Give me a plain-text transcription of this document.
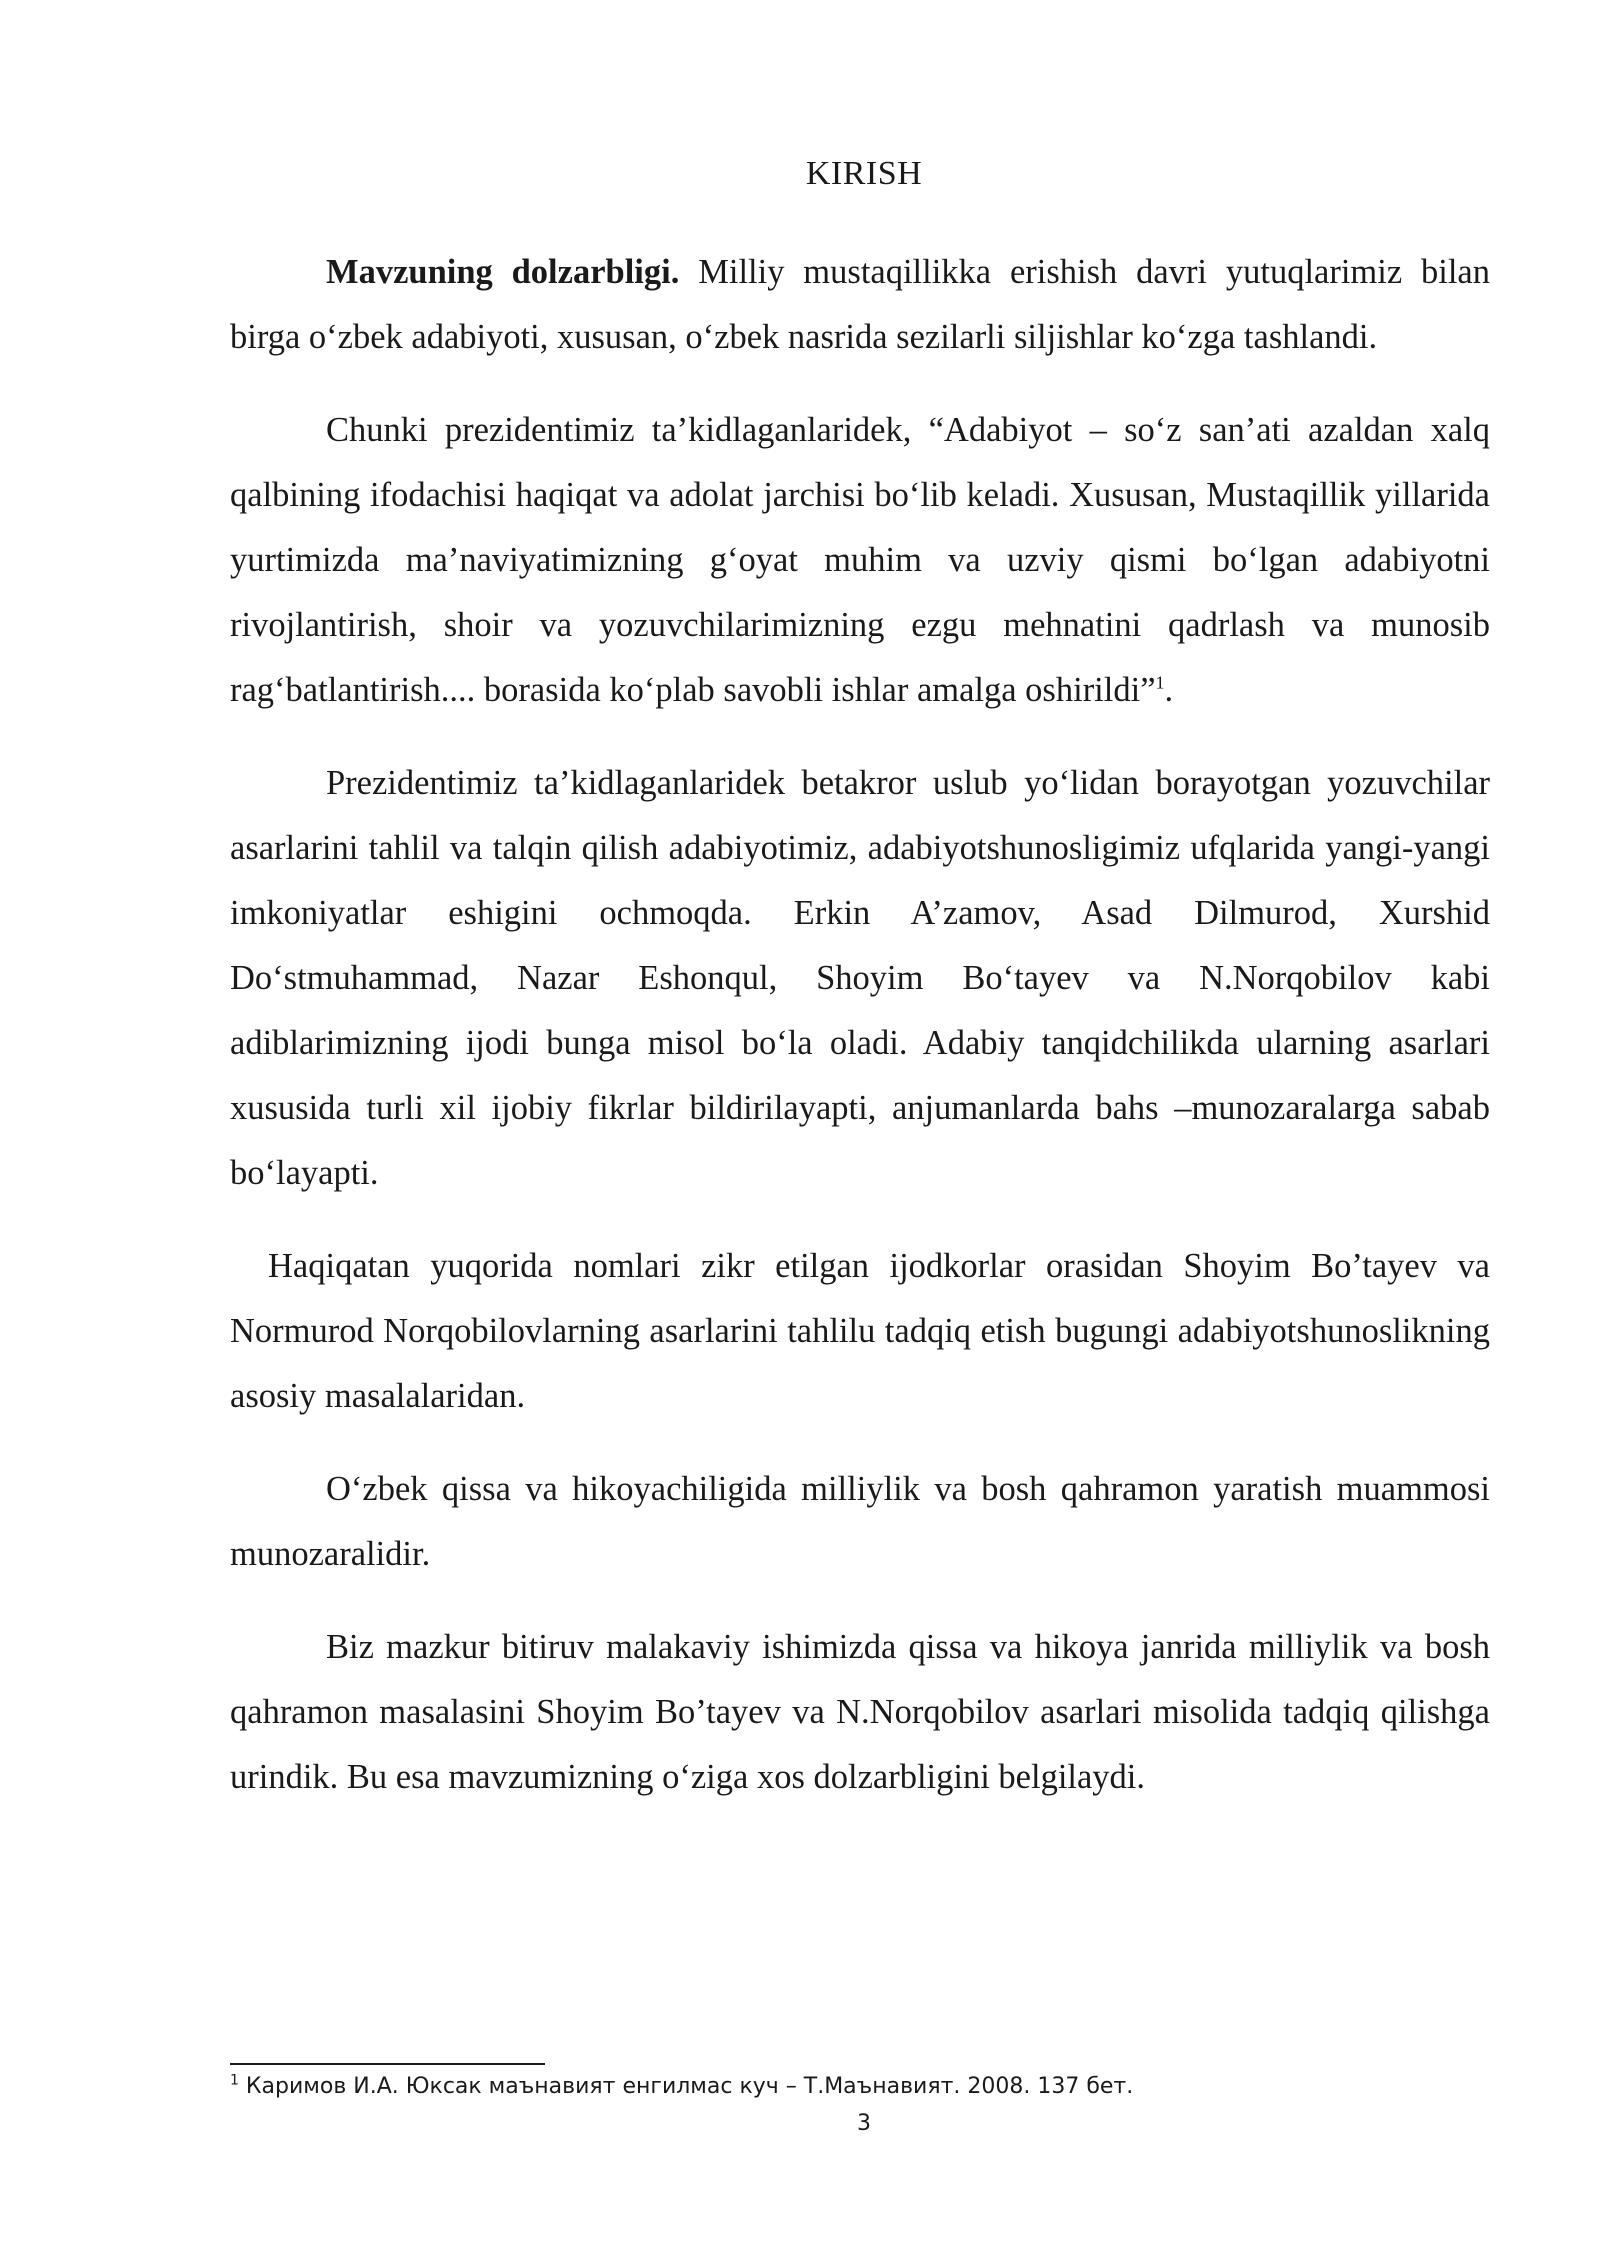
KIRISH

Mavzuning dolzarbligi. Milliy mustaqillikka erishish davri yutuqlarimiz bilan birga o‘zbek adabiyoti, xususan, o‘zbek nasrida sezilarli siljishlar ko‘zga tashlandi.

Chunki prezidentimiz ta’kidlaganlaridek, “Adabiyot – so‘z san’ati azaldan xalq qalbining ifodachisi haqiqat va adolat jarchisi bo‘lib keladi. Xususan, Mustaqillik yillarida yurtimizda ma’naviyatimizning g‘oyat muhim va uzviy qismi bo‘lgan adabiyotni rivojlantirish, shoir va yozuvchilarimizning ezgu mehnatini qadrlash va munosib rag‘batlantirish.... borasida ko‘plab savobli ishlar amalga oshirildi”$^1$.

Prezidentimiz ta’kidlaganlaridek betakror uslub yo‘lidan borayotgan yozuvchilar asarlarini tahlil va talqin qilish adabiyotimiz, adabiyotshunosligimiz ufqlarida yangi-yangi imkoniyatlar eshigini ochmoqda. Erkin A’zamov, Asad Dilmurod, Xurshid Do‘stmuhammad, Nazar Eshonqul, Shoyim Bo‘tayev va N.Norqobilov kabi adiblarimizning ijodi bunga misol bo‘la oladi. Adabiy tanqidchilikda ularning asarlari xususida turli xil ijobiy fikrlar bildirilayapti, anjumanlarda bahs –munozaralarga sabab bo‘layapti.

Haqiqatan yuqorida nomlari zikr etilgan ijodkorlar orasidan Shoyim Bo’tayev va Normurod Norqobilovlarning asarlarini tahlilu tadqiq etish bugungi adabiyotshunoslikning asosiy masalalaridan.

O‘zbek qissa va hikoyachiligida milliylik va bosh qahramon yaratish muammosi munozaralidir.

Biz mazkur bitiruv malakaviy ishimizda qissa va hikoya janrida milliylik va bosh qahramon masalasini Shoyim Bo’tayev va N.Norqobilov asarlari misolida tadqiq qilishga urindik. Bu esa mavzumizning o‘ziga xos dolzarbligini belgilaydi.

$^1$ Каримов И.А. Юксак маънавият енгилмас куч – Т.Маънавият. 2008. 137 бет.
3
